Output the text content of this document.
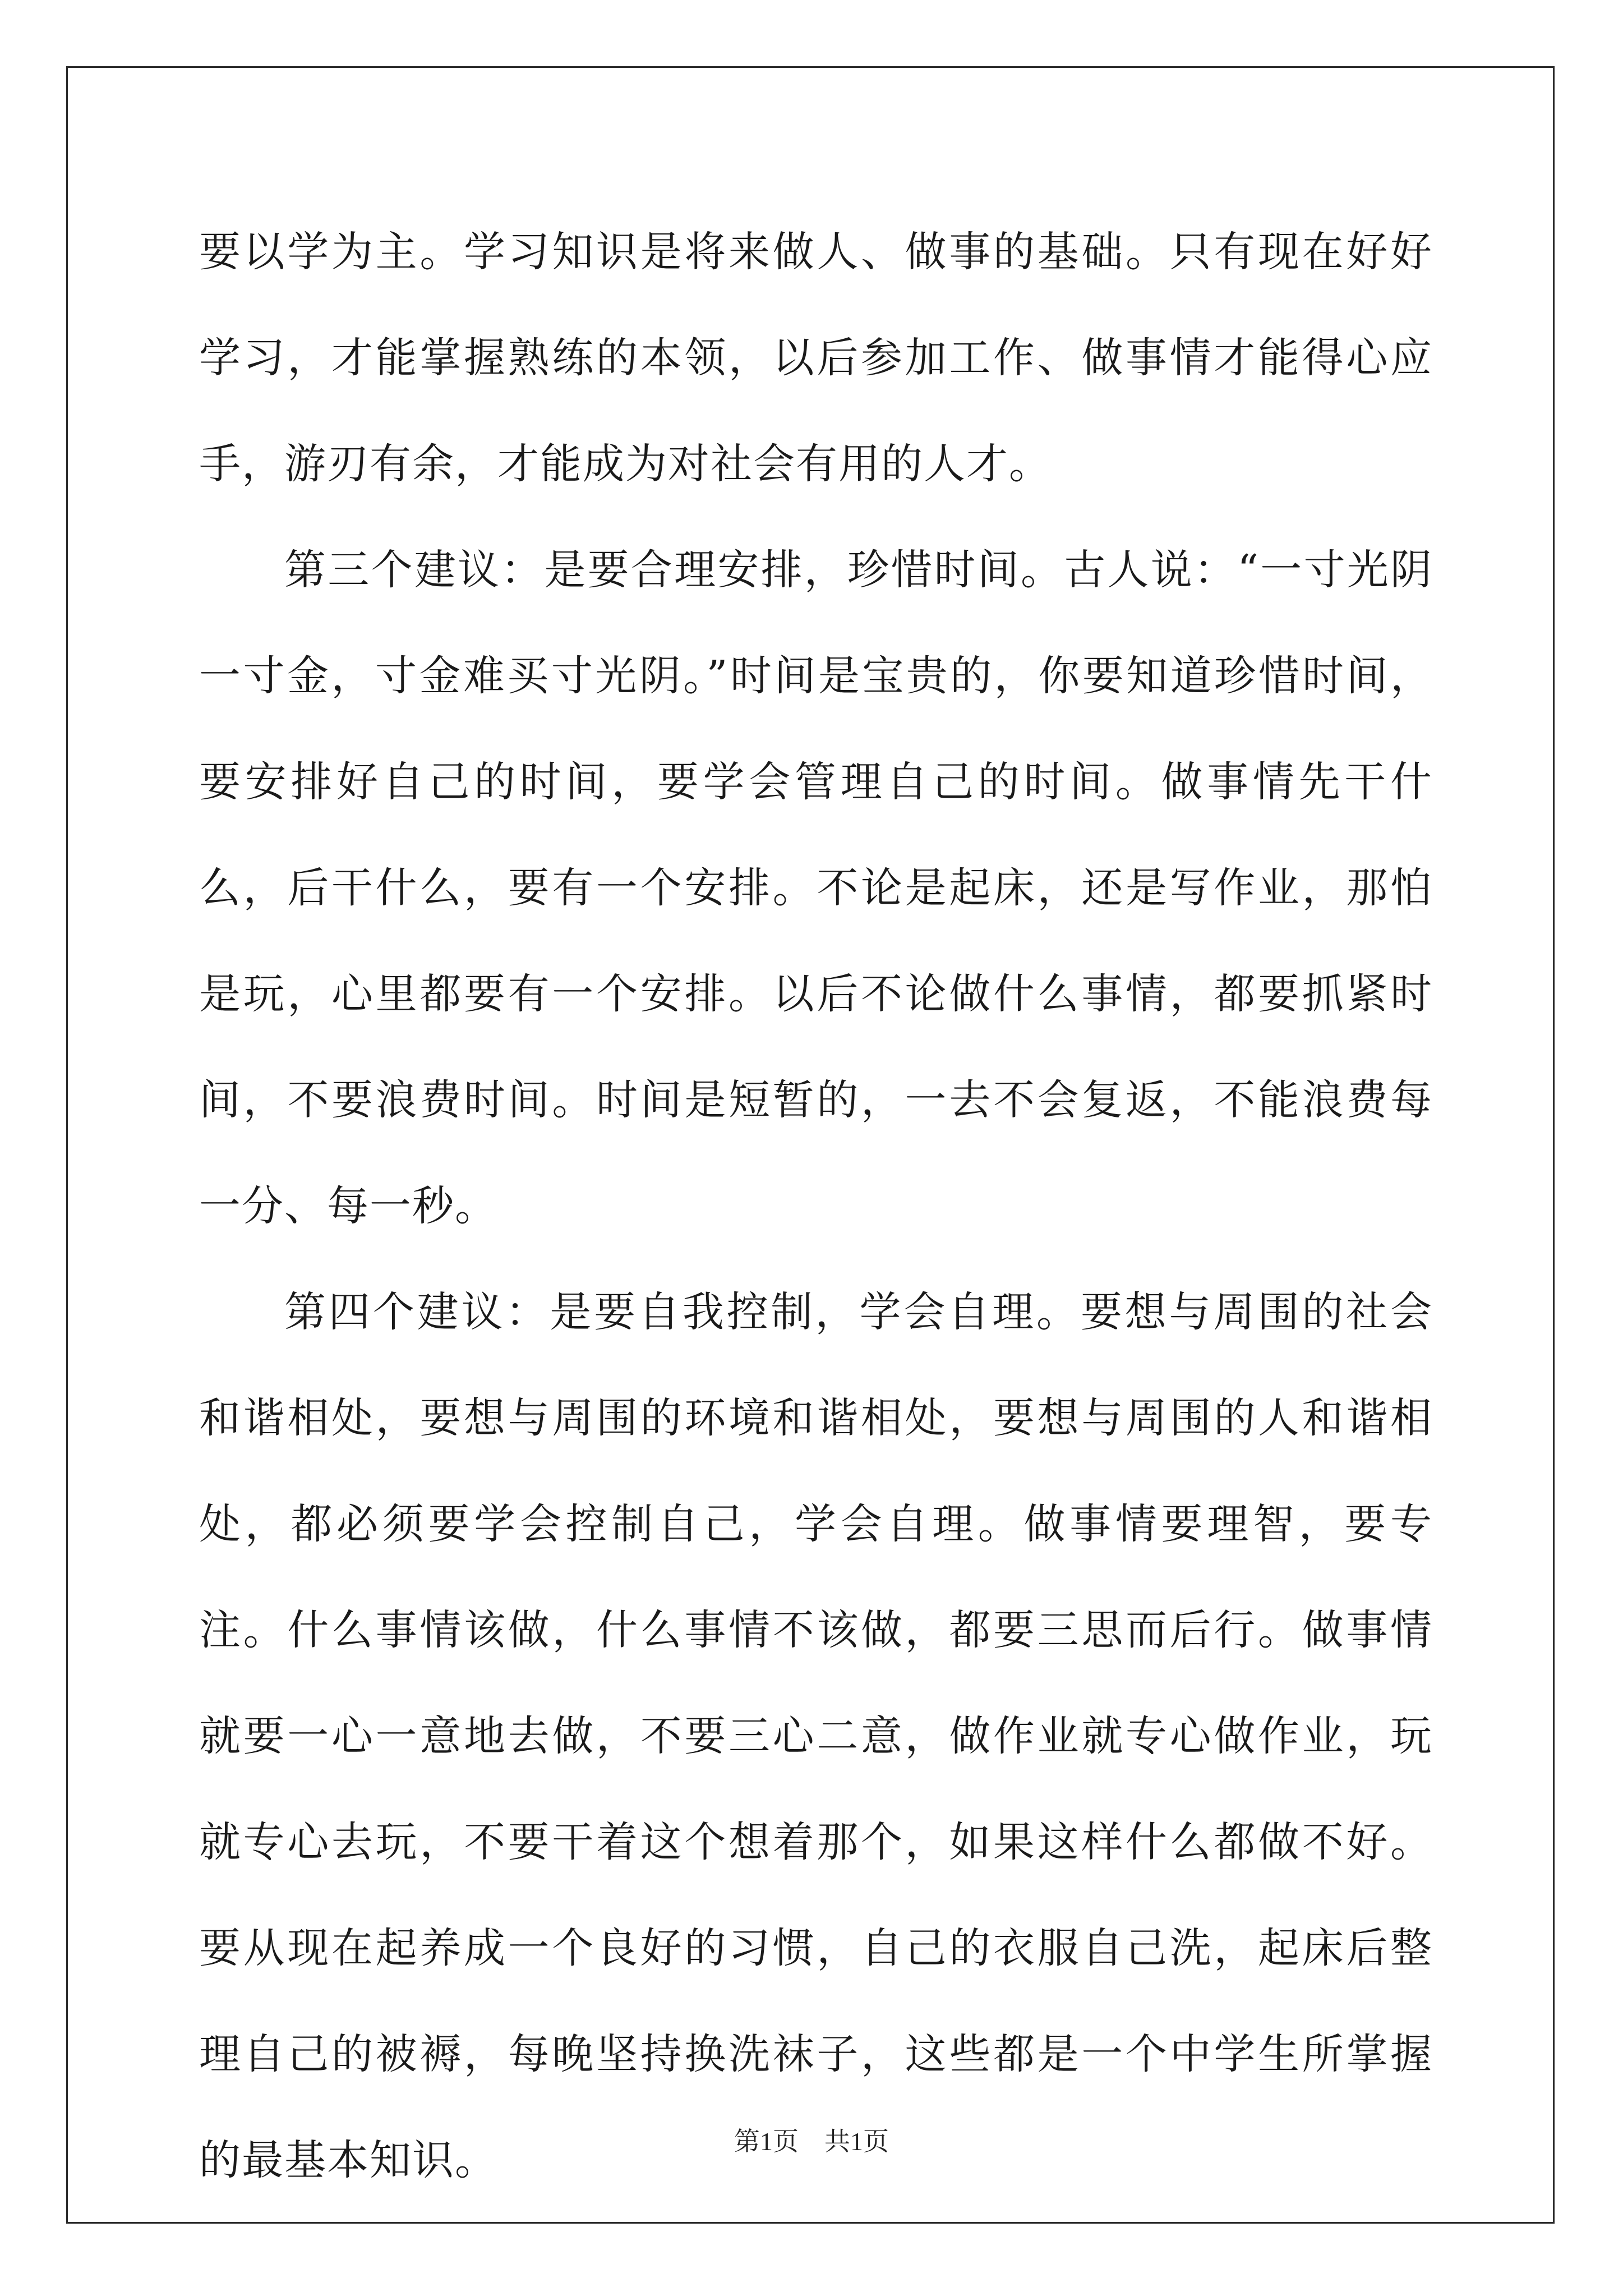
要以学为主。学习知识是将来做人、做事的基础。只有现在好好学习，才能掌握熟练的本领，以后参加工作、做事情才能得心应手，游刃有余，才能成为对社会有用的人才。

第三个建议：是要合理安排，珍惜时间。古人说：“一寸光阴一寸金，寸金难买寸光阴。”时间是宝贵的，你要知道珍惜时间，要安排好自己的时间，要学会管理自己的时间。做事情先干什么，后干什么，要有一个安排。不论是起床，还是写作业，那怕是玩，心里都要有一个安排。以后不论做什么事情，都要抓紧时间，不要浪费时间。时间是短暂的，一去不会复返，不能浪费每一分、每一秒。

第四个建议：是要自我控制，学会自理。要想与周围的社会和谐相处，要想与周围的环境和谐相处，要想与周围的人和谐相处，都必须要学会控制自己，学会自理。做事情要理智，要专注。什么事情该做，什么事情不该做，都要三思而后行。做事情就要一心一意地去做，不要三心二意，做作业就专心做作业，玩就专心去玩，不要干着这个想着那个，如果这样什么都做不好。要从现在起养成一个良好的习惯，自己的衣服自己洗，起床后整理自己的被褥，每晚坚持换洗袜子，这些都是一个中学生所掌握的最基本知识。	第1页　共1页
